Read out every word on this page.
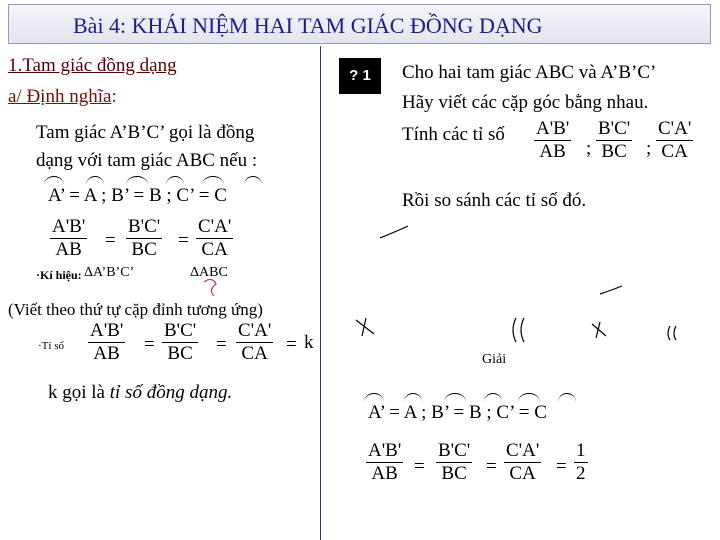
Bài 4: KHÁI NIỆM HAI TAM GIÁC ĐỒNG DẠNG
1.Tam giác đồng dạng
a/ Định nghĩa:
Tam giác A’B’C’ gọi là đồng
dạng với tam giác ABC nếu :
A’ = A ; B’ = B ; C’ = C
$\frac{A'B'}{AB} = \frac{B'C'}{BC} = \frac{C'A'}{CA}$
·Kí hiệu: ΔA’B’C’	ΔABC
(Viết theo thứ tự cặp đỉnh tương ứng)
·Tỉ số $\frac{A'B'}{AB} = \frac{B'C'}{BC} = \frac{C'A'}{CA} = k$
k gọi là tỉ số đồng dạng.
? 1	Cho hai tam giác ABC và A’B’C’
Hãy viết các cặp góc bằng nhau.
Tính các tỉ số $\frac{A'B'}{AB}$ ; $\frac{B'C'}{BC}$ ; $\frac{C'A'}{CA}$
Rồi so sánh các tỉ số đó.
Giải
A’ = A ; B’ = B ; C’ = C
$\frac{A'B'}{AB} = \frac{B'C'}{BC} = \frac{C'A'}{CA} = \frac{1}{2}$
